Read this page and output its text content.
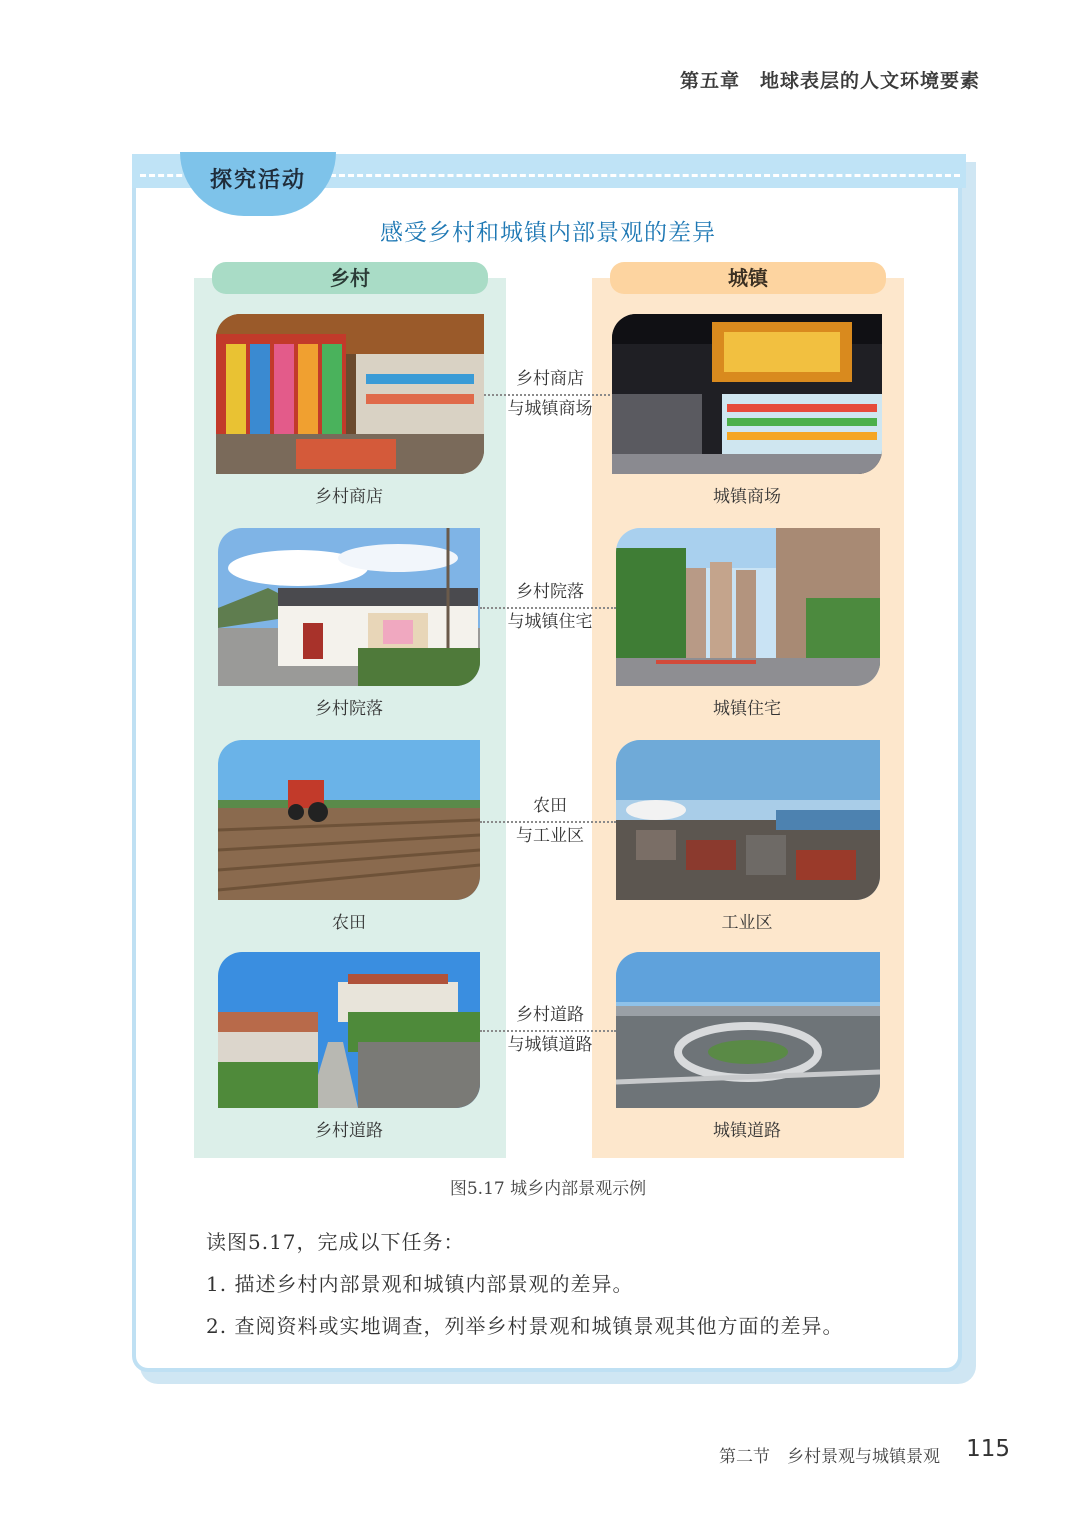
第五章　地球表层的人文环境要素
探究活动
感受乡村和城镇内部景观的差异
乡村	城镇
乡村商店
乡村商店
与城镇商场
城镇商场
乡村院落
乡村院落
与城镇住宅
城镇住宅
农田
农田
与工业区
工业区
乡村道路
乡村道路
与城镇道路
城镇道路
图5.17 城乡内部景观示例
读图5.17，完成以下任务：
1. 描述乡村内部景观和城镇内部景观的差异。
2. 查阅资料或实地调查，列举乡村景观和城镇景观其他方面的差异。
第二节　乡村景观与城镇景观 115
